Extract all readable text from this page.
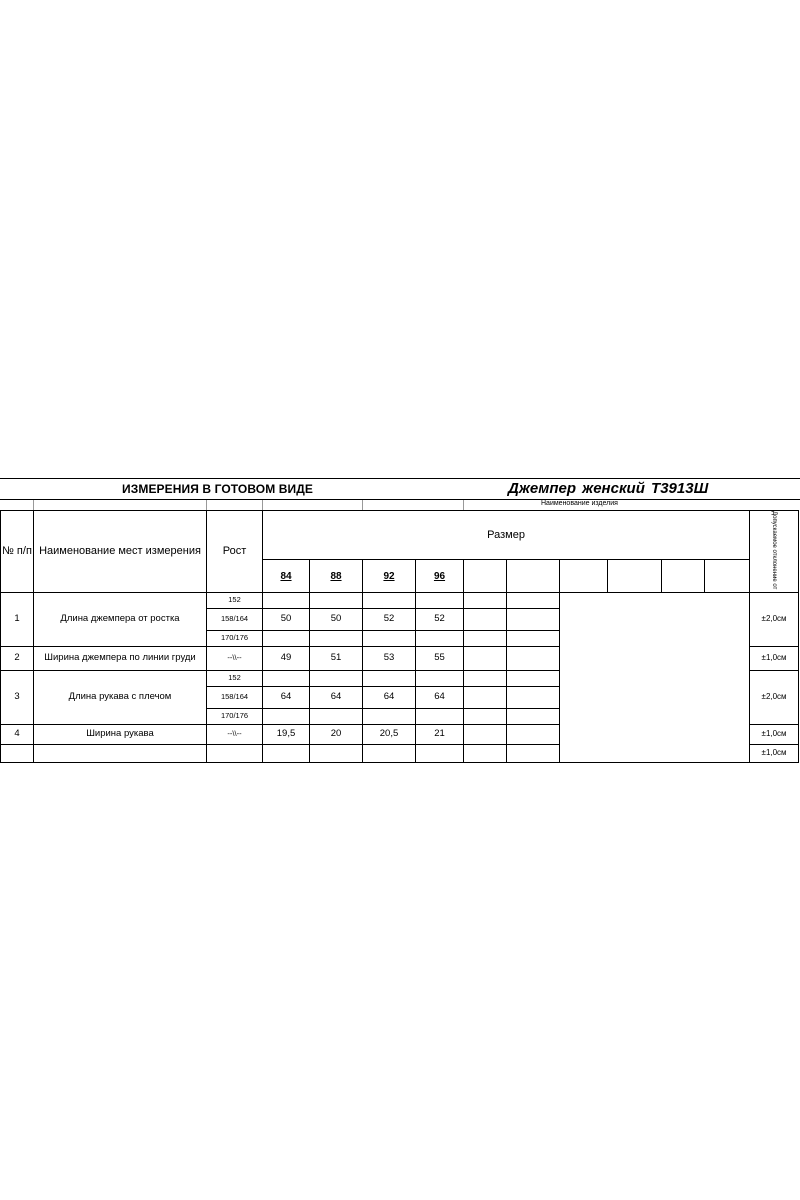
ИЗМЕРЕНИЯ В ГОТОВОМ ВИДЕ	Джемпер женский Т3913Ш
Наименование изделия
№ п/п	Наименование мест измерения	Рост	Размер										Допускаемое отклонение от
			84	88	92	96							
1	Длина джемпера от ростка	152											±2,0см
		158/164	50	50	52	52							
		170/176											
2	Ширина джемпера по линии груди	--\\--	49	51	53	55							±1,0см
3	Длина рукава с плечом	152											±2,0см
		158/164	64	64	64	64							
		170/176											
4	Ширина рукава	--\\--	19,5	20	20,5	21							±1,0см
													±1,0см
